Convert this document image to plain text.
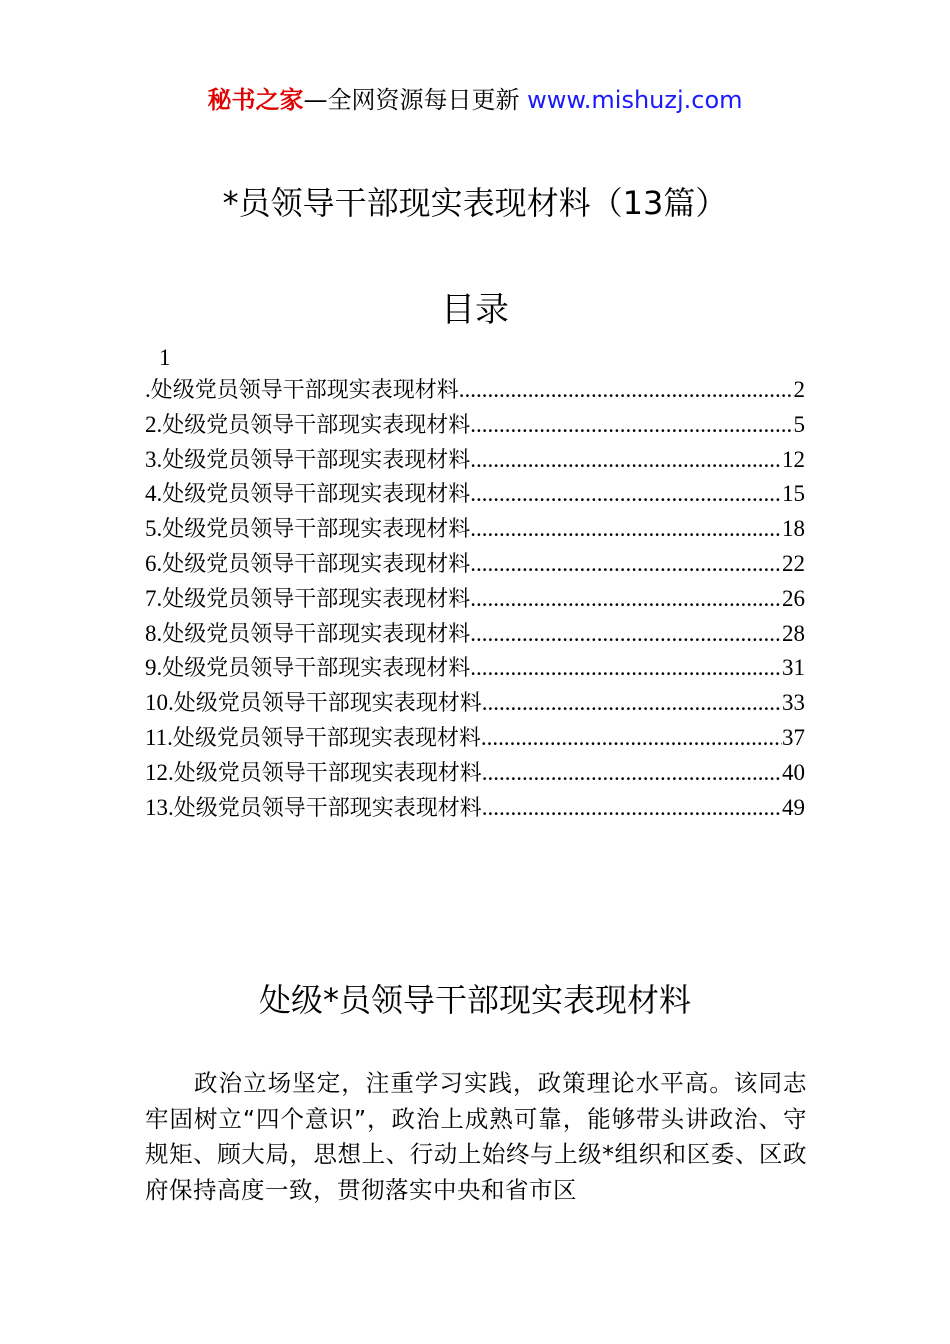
秘书之家—全网资源每日更新 www.mishuzj.com
*员领导干部现实表现材料（13篇）
目录
1
.处级党员领导干部现实表现材料 .....	2
2.处级党员领导干部现实表现材料 .....	5
3.处级党员领导干部现实表现材料 .....	12
4.处级党员领导干部现实表现材料 .....	15
5.处级党员领导干部现实表现材料 .....	18
6.处级党员领导干部现实表现材料 .....	22
7.处级党员领导干部现实表现材料 .....	26
8.处级党员领导干部现实表现材料 .....	28
9.处级党员领导干部现实表现材料 .....	31
10.处级党员领导干部现实表现材料 .....	33
11.处级党员领导干部现实表现材料 .....	37
12.处级党员领导干部现实表现材料 .....	40
13.处级党员领导干部现实表现材料 .....	49
处级*员领导干部现实表现材料
政治立场坚定，注重学习实践，政策理论水平高。该同志牢固树立“四个意识”，政治上成熟可靠，能够带头讲政治、守规矩、顾大局，思想上、行动上始终与上级*组织和区委、区政府保持高度一致，贯彻落实中央和省市区
